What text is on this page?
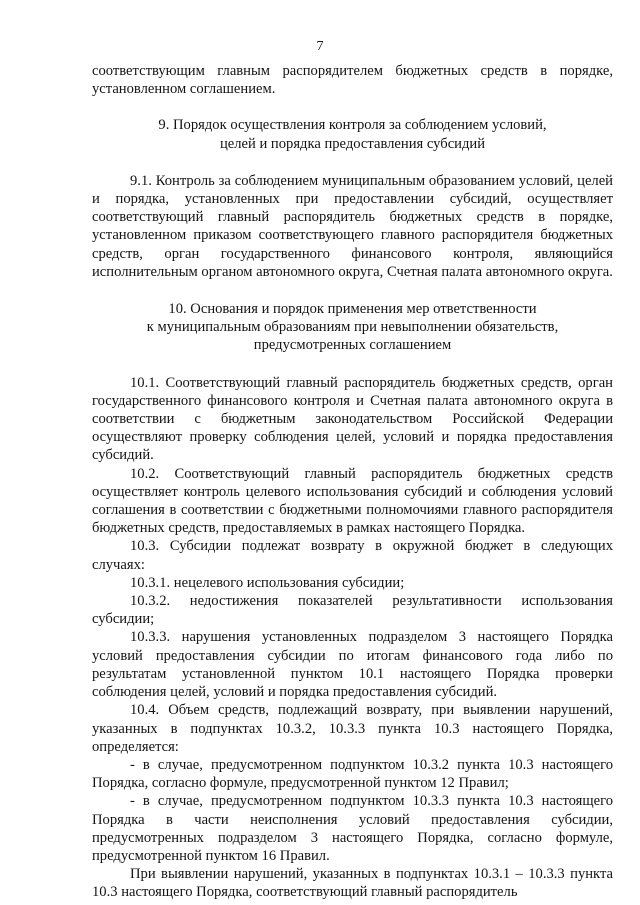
7

соответствующим главным распорядителем бюджетных средств в порядке, установленном соглашением.

9. Порядок осуществления контроля за соблюдением условий,
целей и порядка предоставления субсидий

9.1. Контроль за соблюдением муниципальным образованием условий, целей и порядка, установленных при предоставлении субсидий, осуществляет соответствующий главный распорядитель бюджетных средств в порядке, установленном приказом соответствующего главного распорядителя бюджетных средств, орган государственного финансового контроля, являющийся исполнительным органом автономного округа, Счетная палата автономного округа.

10. Основания и порядок применения мер ответственности
к муниципальным образованиям при невыполнении обязательств,
предусмотренных соглашением

10.1. Соответствующий главный распорядитель бюджетных средств, орган государственного финансового контроля и Счетная палата автономного округа в соответствии с бюджетным законодательством Российской Федерации осуществляют проверку соблюдения целей, условий и порядка предоставления субсидий.

10.2. Соответствующий главный распорядитель бюджетных средств осуществляет контроль целевого использования субсидий и соблюдения условий соглашения в соответствии с бюджетными полномочиями главного распорядителя бюджетных средств, предоставляемых в рамках настоящего Порядка.

10.3. Субсидии подлежат возврату в окружной бюджет в следующих случаях:

10.3.1. нецелевого использования субсидии;

10.3.2. недостижения показателей результативности использования субсидии;

10.3.3. нарушения установленных подразделом 3 настоящего Порядка условий предоставления субсидии по итогам финансового года либо по результатам установленной пунктом 10.1 настоящего Порядка проверки соблюдения целей, условий и порядка предоставления субсидий.

10.4. Объем средств, подлежащий возврату, при выявлении нарушений, указанных в подпунктах 10.3.2, 10.3.3 пункта 10.3 настоящего Порядка, определяется:

- в случае, предусмотренном подпунктом 10.3.2 пункта 10.3 настоящего Порядка, согласно формуле, предусмотренной пунктом 12 Правил;

- в случае, предусмотренном подпунктом 10.3.3 пункта 10.3 настоящего Порядка в части неисполнения условий предоставления субсидии, предусмотренных подразделом 3 настоящего Порядка, согласно формуле, предусмотренной пунктом 16 Правил.

При выявлении нарушений, указанных в подпунктах 10.3.1 – 10.3.3 пункта 10.3 настоящего Порядка, соответствующий главный распорядитель
